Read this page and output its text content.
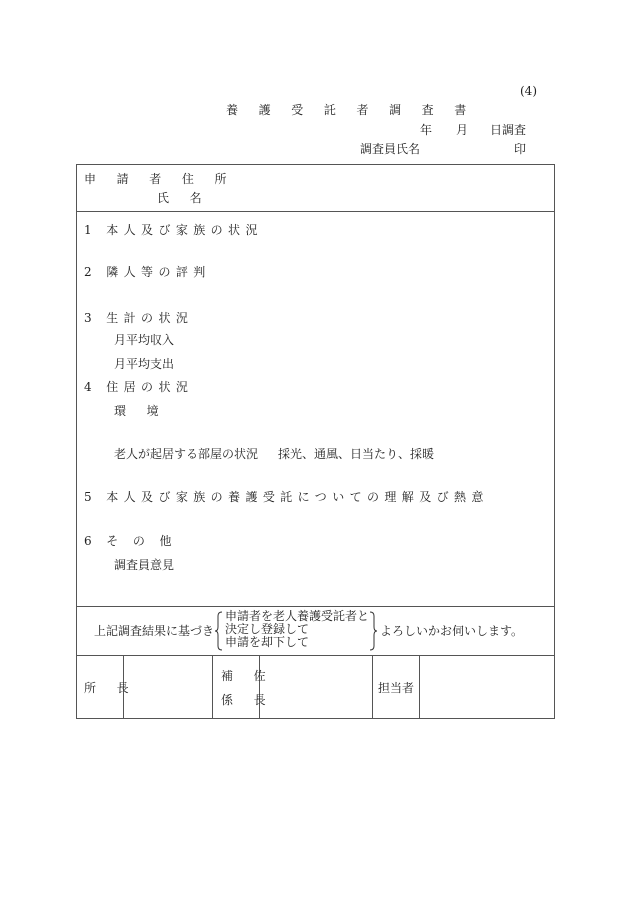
(4)
養 護 受 託 者 調 査 書
年 月 日調査
調査員氏名	印
申 請 者 住 所
氏 名
1 本人及び家族の状況
2 隣人等の評判
3 生計の状況
月平均収入
月平均支出
4 住居の状況
環 境
老人が起居する部屋の状況 採光、通風、日当たり、採暖
5 本人及び家族の養護受託についての理解及び熱意
6 そ の 他
調査員意見
上記調査結果に基づき
申請者を老人養護受託者と
決定し登録して
申請を却下して
よろしいかお伺いします。
所 長
補 佐
係 長
担当者
